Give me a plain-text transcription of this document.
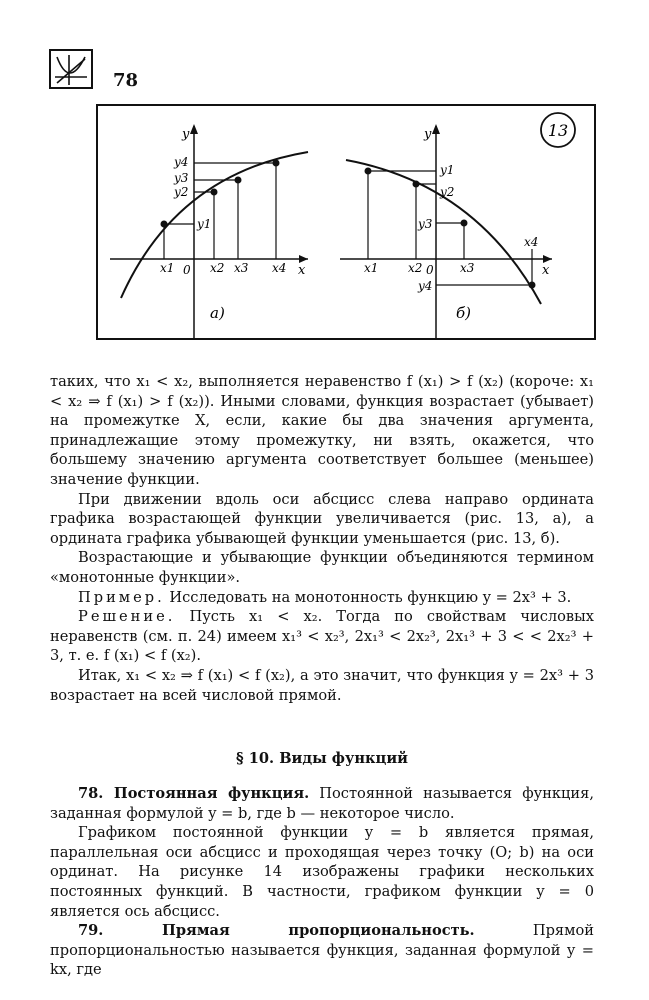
78
13
y
x
0
x1	x2 x3 x4
y4
y3
y2
y1
а)
y
x
0
x1 x2	x3
x4
y1
y2
y3
y4
б)

таких, что x₁ < x₂, выполняется неравенство f (x₁) > f (x₂) (короче: x₁ < x₂ ⇒ f (x₁) > f (x₂)). Иными словами, функция возрастает (убывает) на промежутке X, если, какие бы два значения аргумента, принадлежащие этому промежутку, ни взять, окажется, что большему значению аргумента соответствует большее (меньшее) значение функции.

При движении вдоль оси абсцисс слева направо ордината графика возрастающей функции увеличивается (рис. 13, а), а ордината графика убывающей функции уменьшается (рис. 13, б).

Возрастающие и убывающие функции объединяются термином «монотонные функции».

Пример. Исследовать на монотонность функцию y = 2x³ + 3.

Решение. Пусть x₁ < x₂. Тогда по свойствам числовых неравенств (см. п. 24) имеем x₁³ < x₂³, 2x₁³ < 2x₂³, 2x₁³ + 3 < < 2x₂³ + 3, т. е. f (x₁) < f (x₂).

Итак, x₁ < x₂ ⇒ f (x₁) < f (x₂), а это значит, что функция y = 2x³ + 3 возрастает на всей числовой прямой.

§ 10. Виды функций

78. Постоянная функция. Постоянной называется функция, заданная формулой y = b, где b — некоторое число.

Графиком постоянной функции y = b является прямая, параллельная оси абсцисс и проходящая через точку (O; b) на оси ординат. На рисунке 14 изображены графики нескольких постоянных функций. В частности, графиком функции y = 0 является ось абсцисс.

79. Прямая пропорциональность.	Прямой пропорциональностью называется функция, заданная формулой y = kx, где
